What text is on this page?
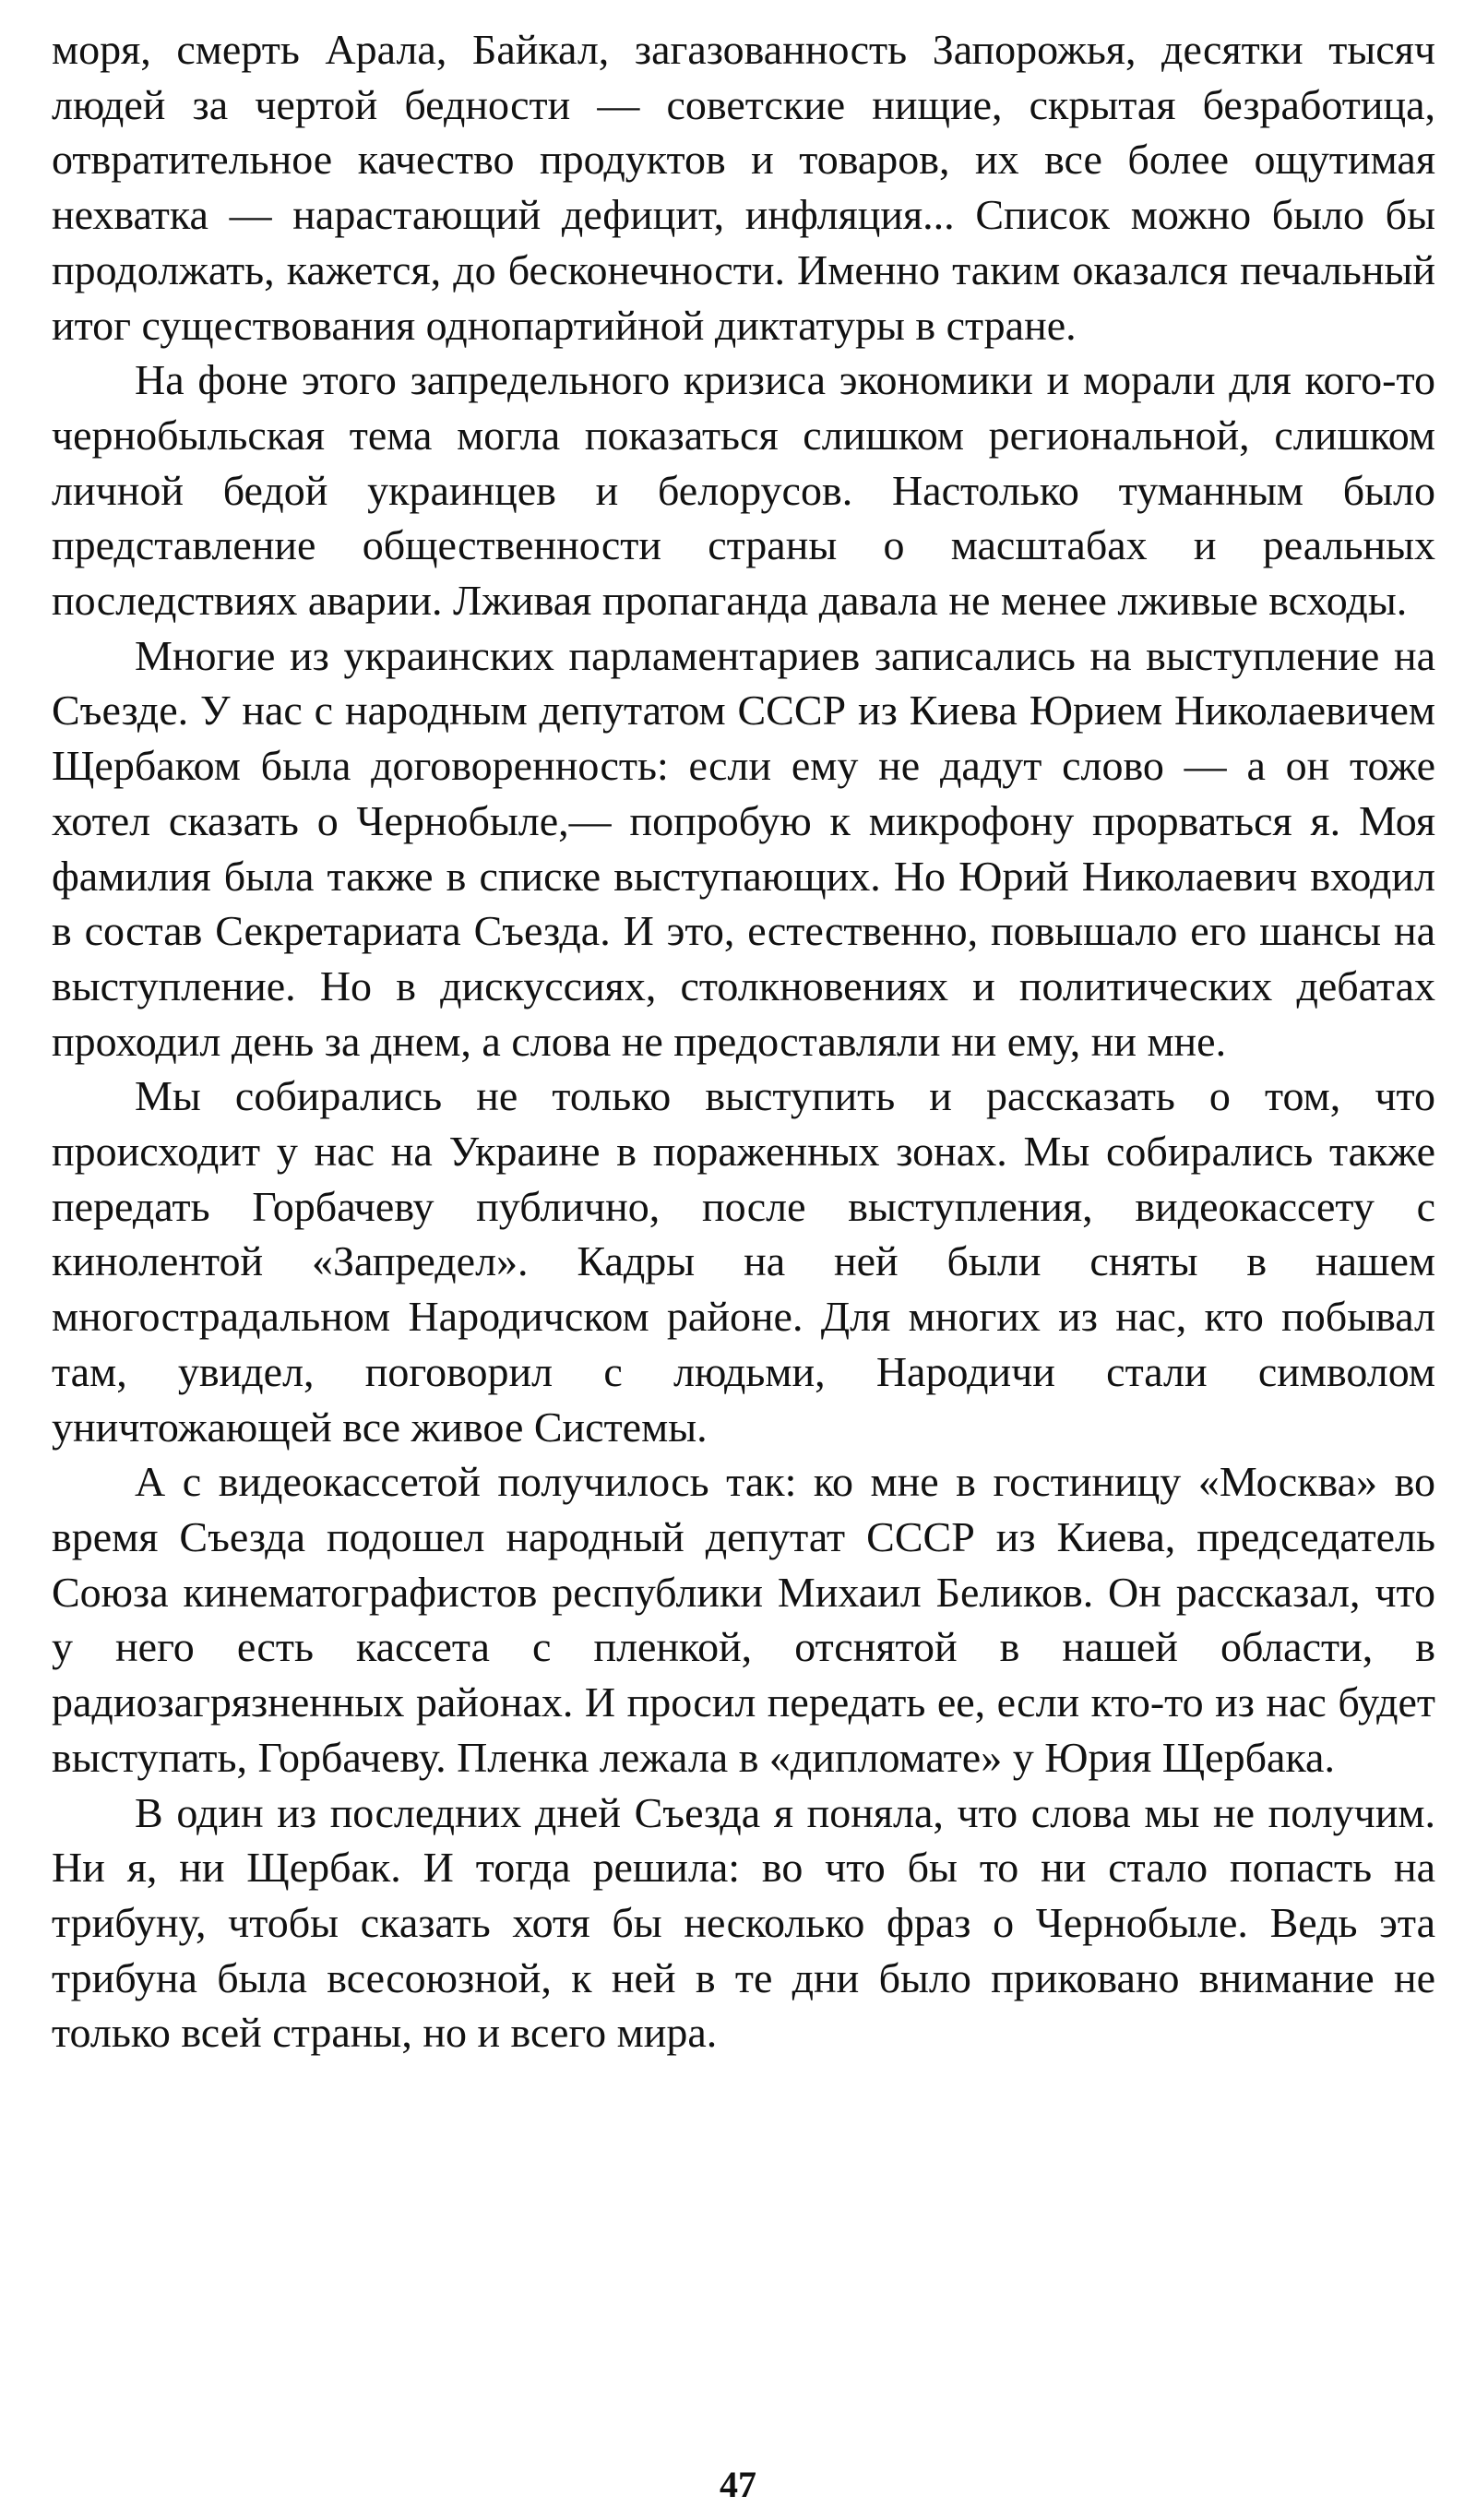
моря, смерть Арала, Байкал, загазованность Запорожья, десятки тысяч людей за чертой бедности — советские нищие, скрытая безработица, отвратительное качество продуктов и товаров, их все более ощутимая нехватка — нарастающий дефицит, инфляция... Список можно было бы продолжать, кажется, до бесконечности. Именно таким оказался печальный итог существования однопартийной диктатуры в стране.

На фоне этого запредельного кризиса экономики и морали для кого-то чернобыльская тема могла показаться слишком региональной, слишком личной бедой украинцев и белорусов. Настолько туманным было представление общественности страны о масштабах и реальных последствиях аварии. Лживая пропаганда давала не менее лживые всходы.

Многие из украинских парламентариев записались на выступление на Съезде. У нас с народным депутатом СССР из Киева Юрием Николаевичем Щербаком была договоренность: если ему не дадут слово — а он тоже хотел сказать о Чернобыле,— попробую к микрофону прорваться я. Моя фамилия была также в списке выступающих. Но Юрий Николаевич входил в состав Секретариата Съезда. И это, естественно, повышало его шансы на выступление. Но в дискуссиях, столкновениях и политических дебатах проходил день за днем, а слова не предоставляли ни ему, ни мне.

Мы собирались не только выступить и рассказать о том, что происходит у нас на Украине в пораженных зонах. Мы собирались также передать Горбачеву публично, после выступления, видеокассету с кинолентой «Запредел». Кадры на ней были сняты в нашем многострадальном Народичском районе. Для многих из нас, кто побывал там, увидел, поговорил с людьми, Народичи стали символом уничтожающей все живое Системы.

А с видеокассетой получилось так: ко мне в гостиницу «Москва» во время Съезда подошел народный депутат СССР из Киева, председатель Союза кинематографистов республики Михаил Беликов. Он рассказал, что у него есть кассета с пленкой, отснятой в нашей области, в радиозагрязненных районах. И просил передать ее, если кто-то из нас будет выступать, Горбачеву. Пленка лежала в «дипломате» у Юрия Щербака.

В один из последних дней Съезда я поняла, что слова мы не получим. Ни я, ни Щербак. И тогда решила: во что бы то ни стало попасть на трибуну, чтобы сказать хотя бы несколько фраз о Чернобыле. Ведь эта трибуна была всесоюзной, к ней в те дни было приковано внимание не только всей страны, но и всего мира.

47
